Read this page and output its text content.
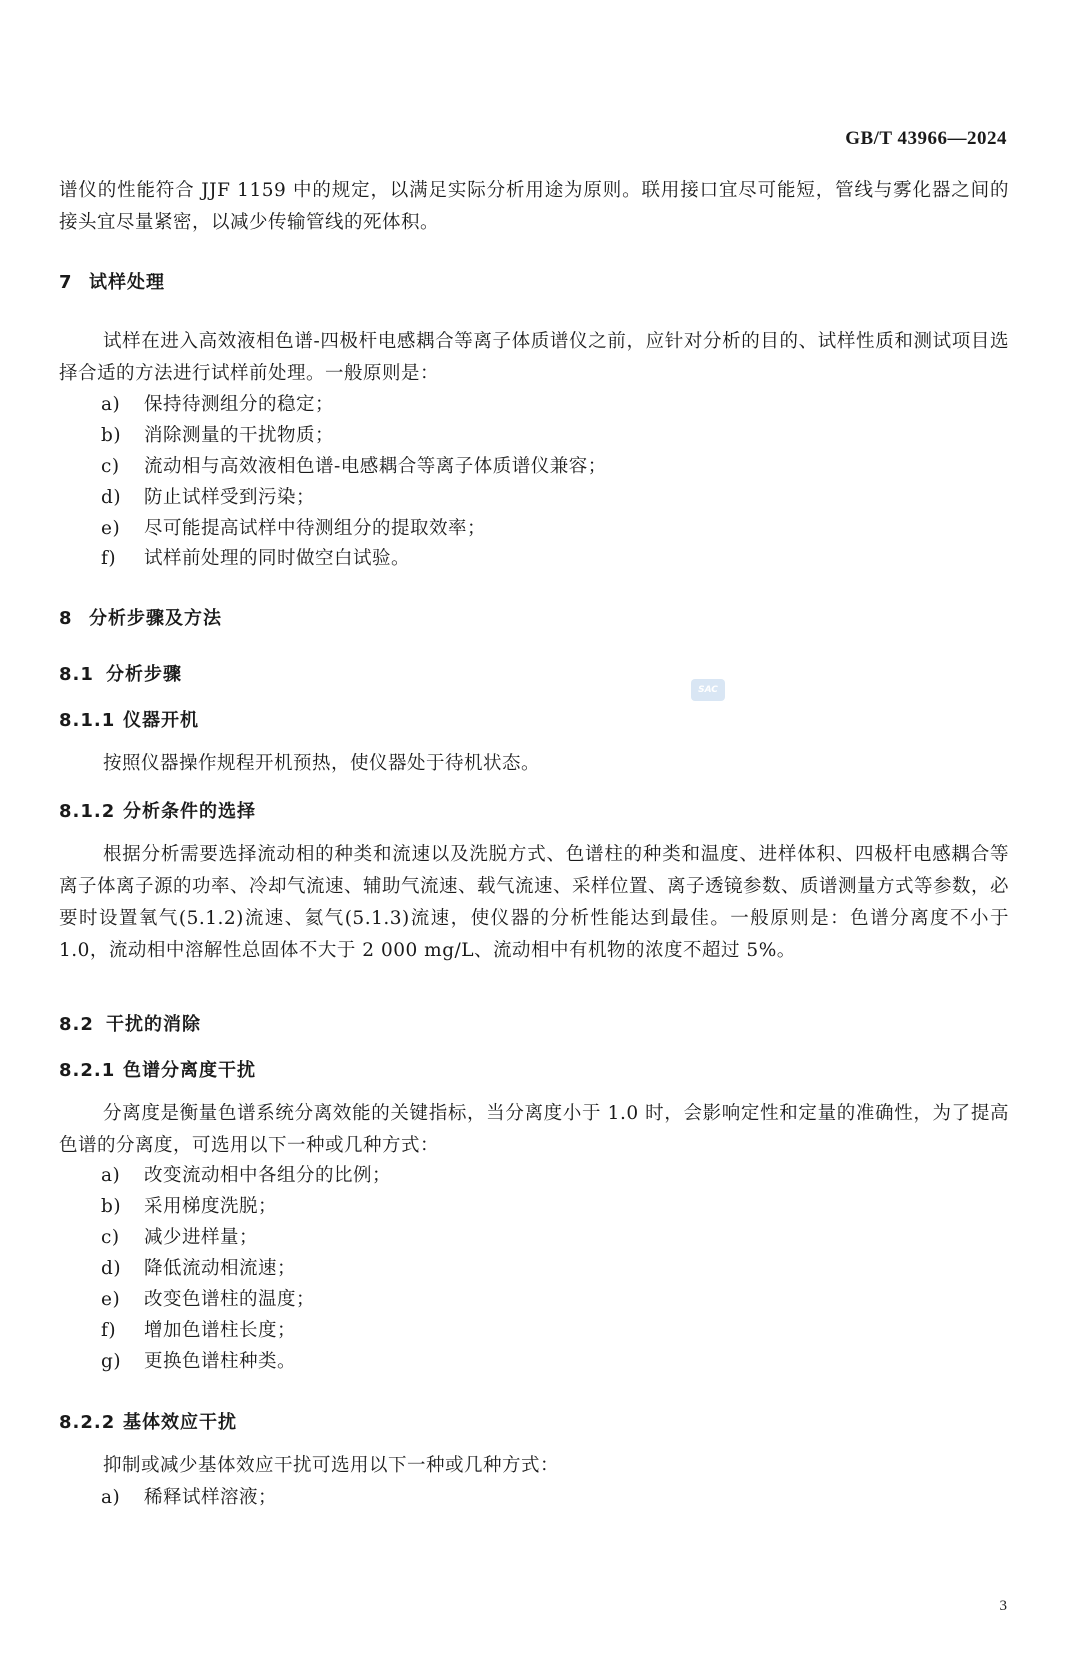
GB/T 43966—2024
谱仪的性能符合 JJF 1159 中的规定，以满足实际分析用途为原则。联用接口宜尽可能短，管线与雾化器之间的接头宜尽量紧密，以减少传输管线的死体积。
7 试样处理
试样在进入高效液相色谱-四极杆电感耦合等离子体质谱仪之前，应针对分析的目的、试样性质和测试项目选择合适的方法进行试样前处理。一般原则是：
a) 保持待测组分的稳定；
b) 消除测量的干扰物质；
c) 流动相与高效液相色谱-电感耦合等离子体质谱仪兼容；
d) 防止试样受到污染；
e) 尽可能提高试样中待测组分的提取效率；
f) 试样前处理的同时做空白试验。
8 分析步骤及方法
SAC
8.1 分析步骤
8.1.1 仪器开机
按照仪器操作规程开机预热，使仪器处于待机状态。
8.1.2 分析条件的选择
根据分析需要选择流动相的种类和流速以及洗脱方式、色谱柱的种类和温度、进样体积、四极杆电感耦合等离子体离子源的功率、冷却气流速、辅助气流速、载气流速、采样位置、离子透镜参数、质谱测量方式等参数，必要时设置氧气(5.1.2)流速、氦气(5.1.3)流速，使仪器的分析性能达到最佳。一般原则是：色谱分离度不小于 1.0，流动相中溶解性总固体不大于 2 000 mg/L、流动相中有机物的浓度不超过 5%。
8.2 干扰的消除
8.2.1 色谱分离度干扰
分离度是衡量色谱系统分离效能的关键指标，当分离度小于 1.0 时，会影响定性和定量的准确性，为了提高色谱的分离度，可选用以下一种或几种方式：
a) 改变流动相中各组分的比例；
b) 采用梯度洗脱；
c) 减少进样量；
d) 降低流动相流速；
e) 改变色谱柱的温度；
f) 增加色谱柱长度；
g) 更换色谱柱种类。
8.2.2 基体效应干扰
抑制或减少基体效应干扰可选用以下一种或几种方式：
a) 稀释试样溶液；
3
